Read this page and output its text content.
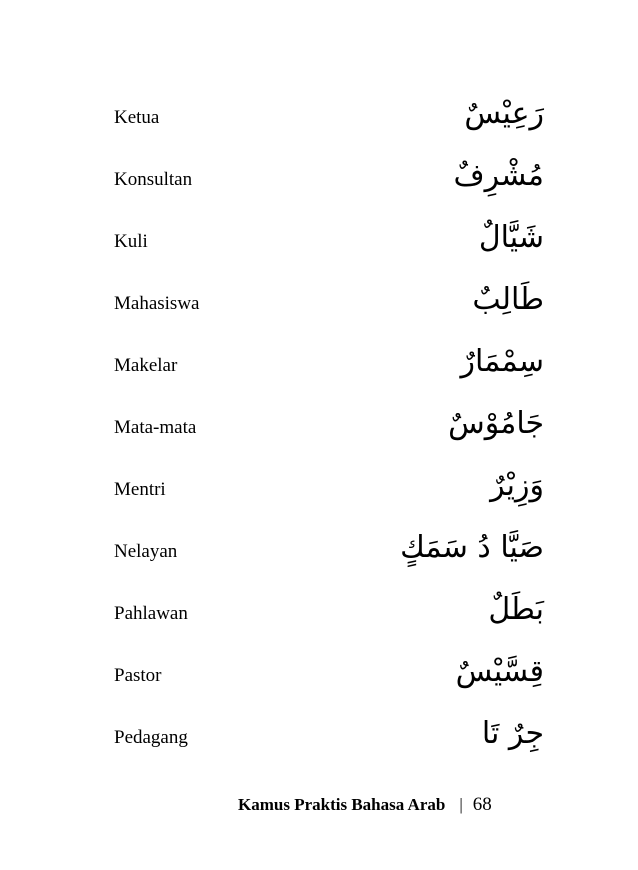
Ketua	رَعِيْسٌ
Konsultan	مُشْرِفٌ
Kuli	شَيَّالٌ
Mahasiswa	طَالِبٌ
Makelar	سِمْمَارٌ
Mata-mata	جَامُوْسٌ
Mentri	وَزِيْرٌ
Nelayan	صَيَّا دُ سَمَكٍ
Pahlawan	بَطَلٌ
Pastor	قِسَّيْسٌ
Pedagang	جِرٌ تَا
Kamus Praktis Bahasa Arab | 68
